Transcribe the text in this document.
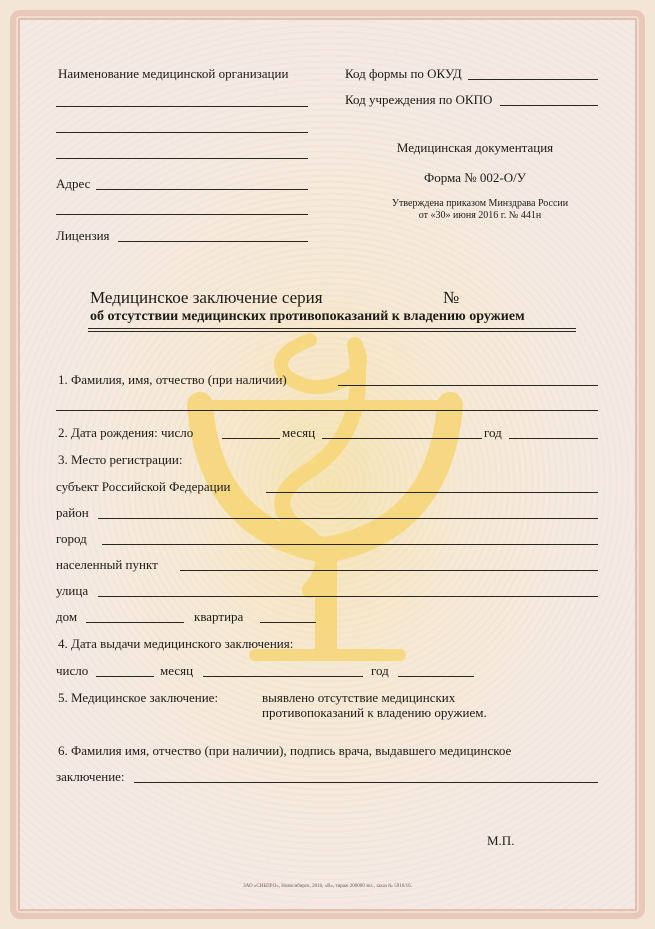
Наименование медицинской организации
Адрес
Лицензия
Код формы по ОКУД
Код учреждения по ОКПО
Медицинская документация
Форма № 002-О/У
Утверждена приказом Минздрава России
от «30» июня 2016 г. № 441н
Медицинское заключение серия	№
об отсутствии медицинских противопоказаний к владению оружием
1. Фамилия, имя, отчество (при наличии)
2. Дата рождения: число	месяц	год
3. Место регистрации:
субъект Российской Федерации
район
город
населенный пункт
улица
дом	квартира
4. Дата выдачи медицинского заключения:
число	месяц	год
5. Медицинское заключение:	выявлено отсутствие медицинских
противопоказаний к владению оружием.
6. Фамилия имя, отчество (при наличии), подпись врача, выдавшего медицинское
заключение:
М.П.
ЗАО «СИБПРО», Новосибирск, 2016, «В», тираж 200000 экз., заказ № 5916/16.
